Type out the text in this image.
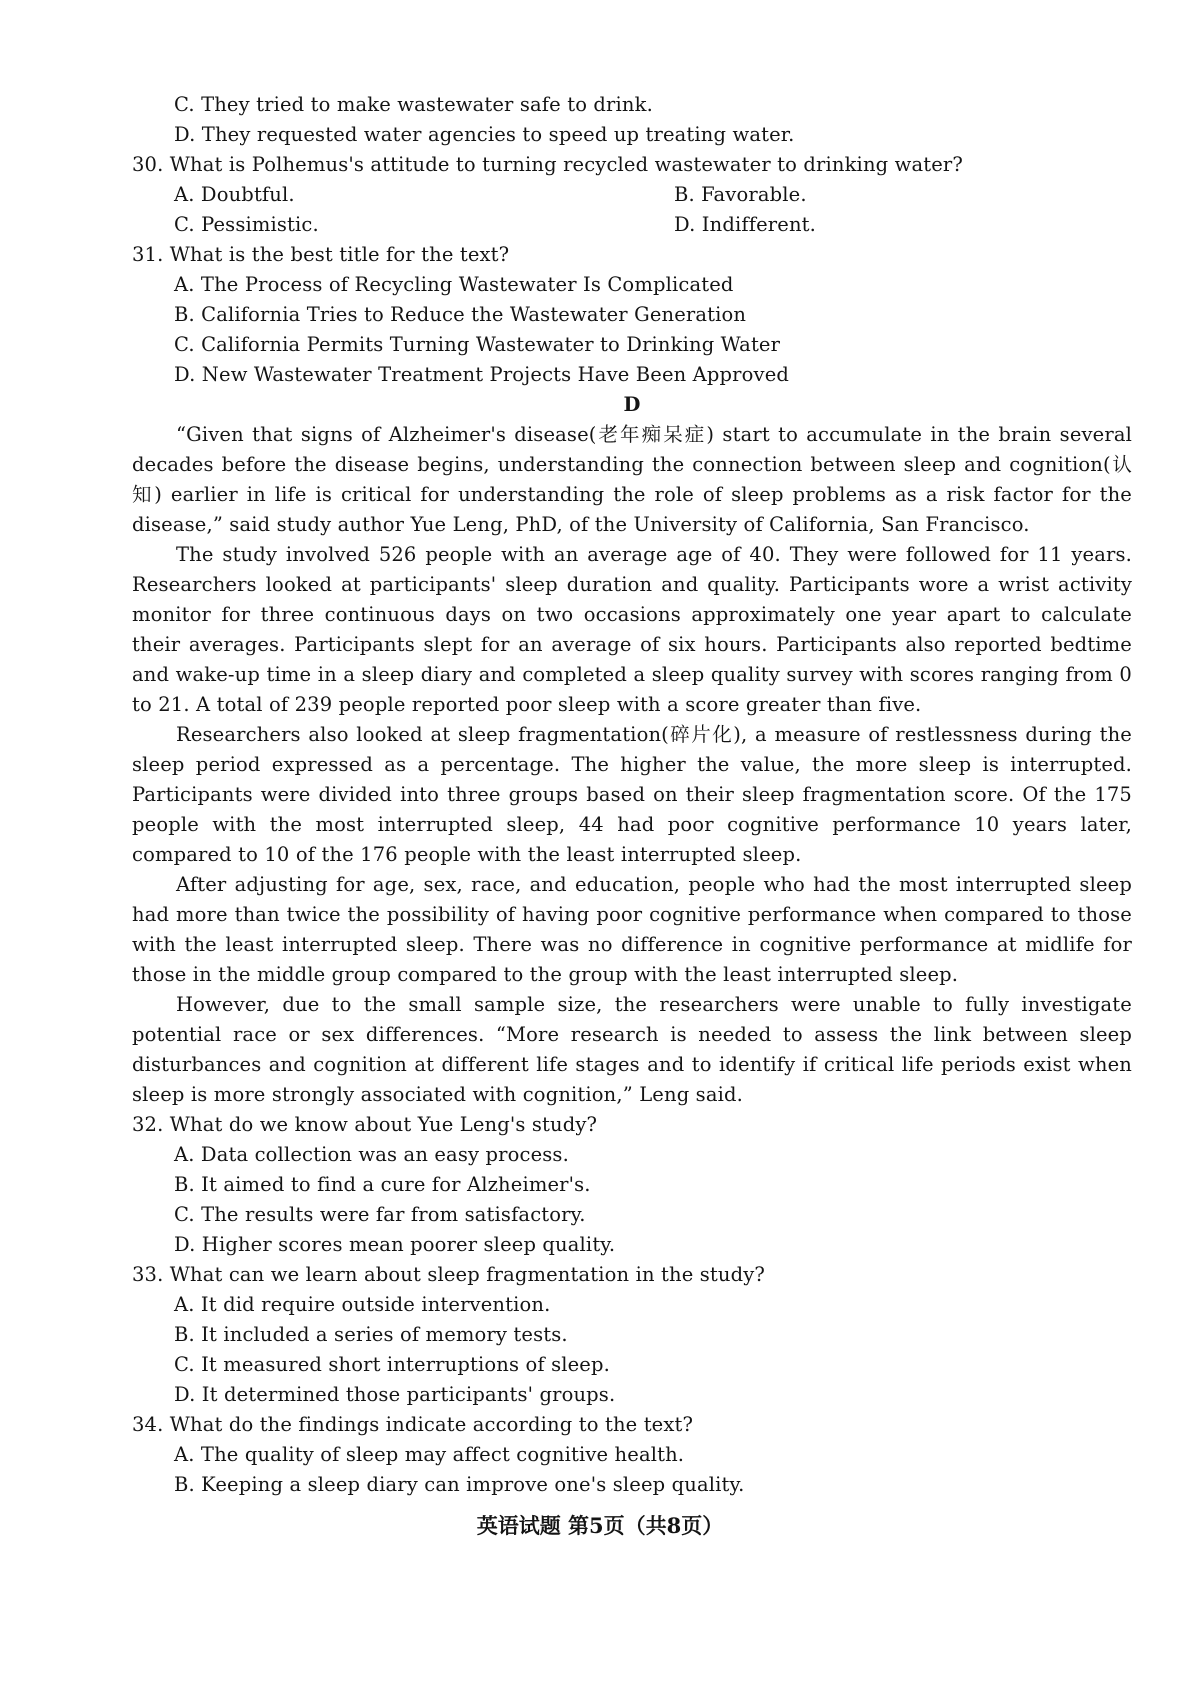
C. They tried to make wastewater safe to drink.
D. They requested water agencies to speed up treating water.
30. What is Polhemus's attitude to turning recycled wastewater to drinking water?
A. Doubtful.	B. Favorable.
C. Pessimistic.	D. Indifferent.
31. What is the best title for the text?
A. The Process of Recycling Wastewater Is Complicated
B. California Tries to Reduce the Wastewater Generation
C. California Permits Turning Wastewater to Drinking Water
D. New Wastewater Treatment Projects Have Been Approved
D

“Given that signs of Alzheimer's disease(老年痴呆症) start to accumulate in the brain several decades before the disease begins, understanding the connection between sleep and cognition(认知) earlier in life is critical for understanding the role of sleep problems as a risk factor for the disease,” said study author Yue Leng, PhD, of the University of California, San Francisco.

The study involved 526 people with an average age of 40. They were followed for 11 years. Researchers looked at participants' sleep duration and quality. Participants wore a wrist activity monitor for three continuous days on two occasions approximately one year apart to calculate their averages. Participants slept for an average of six hours. Participants also reported bedtime and wake-up time in a sleep diary and completed a sleep quality survey with scores ranging from 0 to 21. A total of 239 people reported poor sleep with a score greater than five.

Researchers also looked at sleep fragmentation(碎片化), a measure of restlessness during the sleep period expressed as a percentage. The higher the value, the more sleep is interrupted. Participants were divided into three groups based on their sleep fragmentation score. Of the 175 people with the most interrupted sleep, 44 had poor cognitive performance 10 years later, compared to 10 of the 176 people with the least interrupted sleep.

After adjusting for age, sex, race, and education, people who had the most interrupted sleep had more than twice the possibility of having poor cognitive performance when compared to those with the least interrupted sleep. There was no difference in cognitive performance at midlife for those in the middle group compared to the group with the least interrupted sleep.

However, due to the small sample size, the researchers were unable to fully investigate potential race or sex differences. “More research is needed to assess the link between sleep disturbances and cognition at different life stages and to identify if critical life periods exist when sleep is more strongly associated with cognition,” Leng said.

32. What do we know about Yue Leng's study?
A. Data collection was an easy process.
B. It aimed to find a cure for Alzheimer's.
C. The results were far from satisfactory.
D. Higher scores mean poorer sleep quality.
33. What can we learn about sleep fragmentation in the study?
A. It did require outside intervention.
B. It included a series of memory tests.
C. It measured short interruptions of sleep.
D. It determined those participants' groups.
34. What do the findings indicate according to the text?
A. The quality of sleep may affect cognitive health.
B. Keeping a sleep diary can improve one's sleep quality.
英语试题 第5页（共8页）
